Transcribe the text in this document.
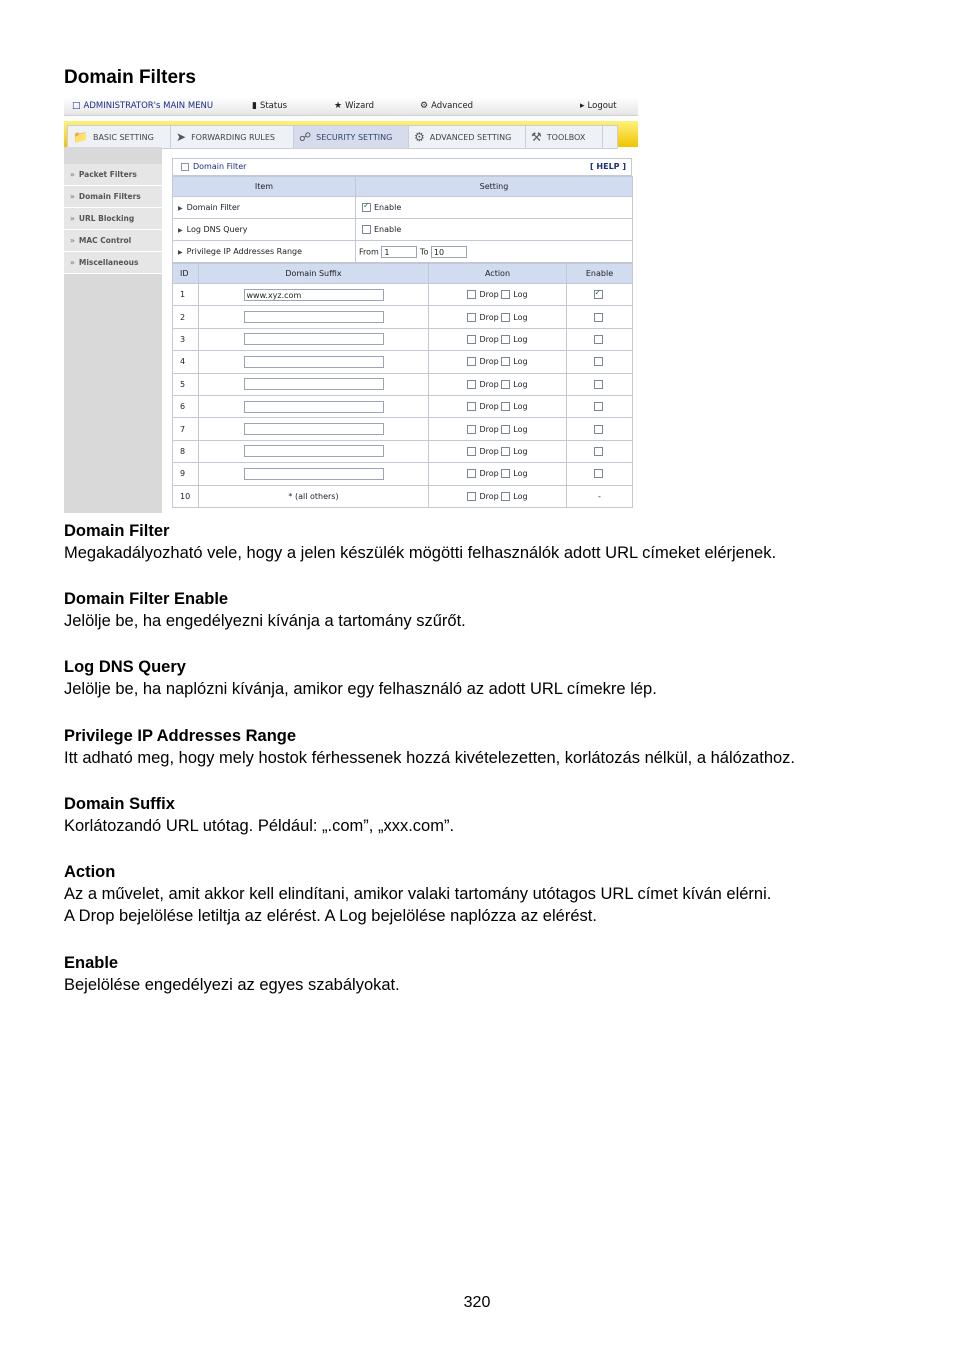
Domain Filters
□ ADMINISTRATOR's MAIN MENU	▮ Status	★ Wizard	⚙ Advanced	▸ Logout
📁 BASIC SETTING ➤ FORWARDING RULES ☍ SECURITY SETTING ⚙ ADVANCED SETTING ⚒ TOOLBOX
» Packet Filters
» Domain Filters
» URL Blocking
» MAC Control
» Miscellaneous
Domain Filter	[ HELP ]
Item	Setting
▶ Domain Filter	✓Enable
▶ Log DNS Query	Enable
▶ Privilege IP Addresses Range	From 1 To 10
ID	Domain Suffix	Action	Enable
1	www.xyz.com	Drop Log	✓
2		Drop Log	
3		Drop Log	
4		Drop Log	
5		Drop Log	
6		Drop Log	
7		Drop Log	
8		Drop Log	
9		Drop Log	
10	* (all others)	Drop Log	-
Domain Filter
Megakadályozható vele, hogy a jelen készülék mögötti felhasználók adott URL címeket elérjenek.
Domain Filter Enable
Jelölje be, ha engedélyezni kívánja a tartomány szűrőt.
Log DNS Query
Jelölje be, ha naplózni kívánja, amikor egy felhasználó az adott URL címekre lép.
Privilege IP Addresses Range
Itt adható meg, hogy mely hostok férhessenek hozzá kivételezetten, korlátozás nélkül, a hálózathoz.
Domain Suffix
Korlátozandó URL utótag. Például: „.com”, „xxx.com”.
Action
Az a művelet, amit akkor kell elindítani, amikor valaki tartomány utótagos URL címet kíván elérni.
A Drop bejelölése letiltja az elérést. A Log bejelölése naplózza az elérést.
Enable
Bejelölése engedélyezi az egyes szabályokat.
320
